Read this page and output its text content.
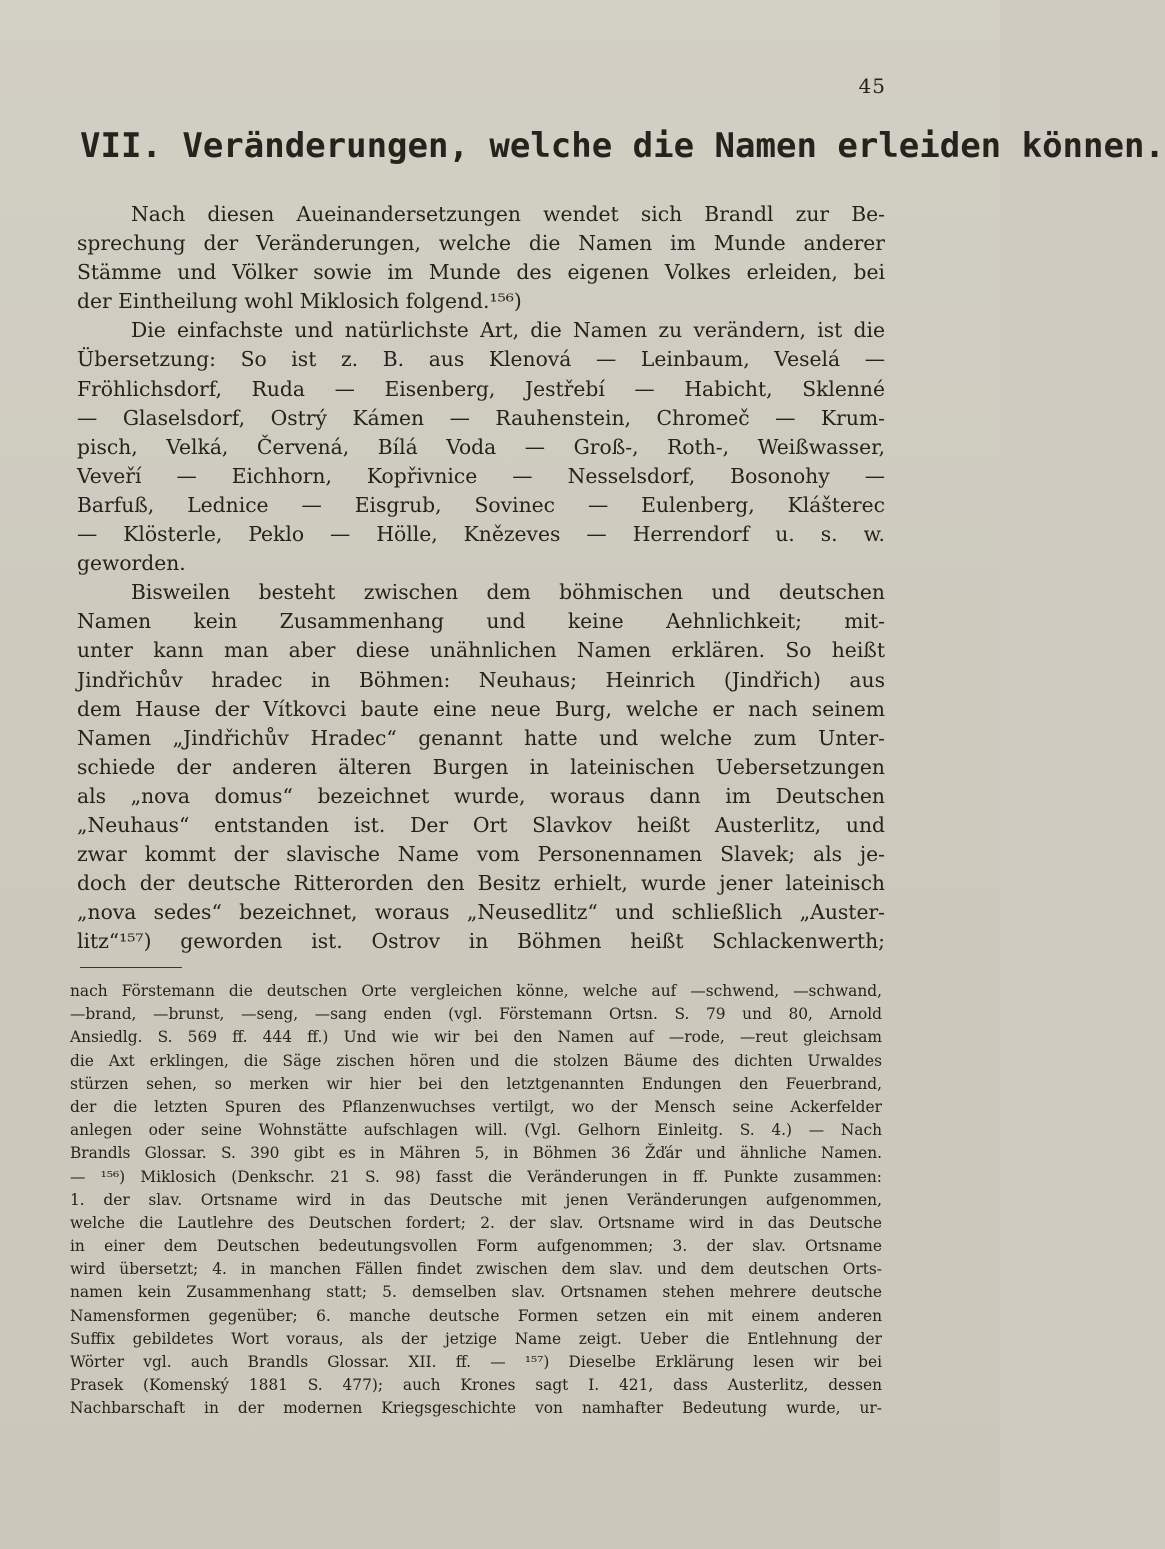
45
VII. Veränderungen, welche die Namen erleiden können.
Nach diesen Aueinandersetzungen wendet sich Brandl zur Be-
sprechung der Veränderungen, welche die Namen im Munde anderer
Stämme und Völker sowie im Munde des eigenen Volkes erleiden, bei
der Eintheilung wohl Miklosich folgend.¹⁵⁶)
Die einfachste und natürlichste Art, die Namen zu verändern, ist die
Übersetzung: So ist z. B. aus Klenová — Leinbaum, Veselá —
Fröhlichsdorf, Ruda — Eisenberg, Jestřebí — Habicht, Sklenné
— Glaselsdorf, Ostrý Kámen — Rauhenstein, Chromeč — Krum-
pisch, Velká, Červená, Bílá Voda — Groß-, Roth-, Weißwasser,
Veveří — Eichhorn, Kopřivnice — Nesselsdorf, Bosonohy —
Barfuß, Lednice — Eisgrub, Sovinec — Eulenberg, Klášterec
— Klösterle, Peklo — Hölle, Knězeves — Herrendorf u. s. w.
geworden.
Bisweilen besteht zwischen dem böhmischen und deutschen
Namen kein Zusammenhang und keine Aehnlichkeit; mit-
unter kann man aber diese unähnlichen Namen erklären. So heißt
Jindřichův hradec in Böhmen: Neuhaus; Heinrich (Jindřich) aus
dem Hause der Vítkovci baute eine neue Burg, welche er nach seinem
Namen „Jindřichův Hradec“ genannt hatte und welche zum Unter-
schiede der anderen älteren Burgen in lateinischen Uebersetzungen
als „nova domus“ bezeichnet wurde, woraus dann im Deutschen
„Neuhaus“ entstanden ist. Der Ort Slavkov heißt Austerlitz, und
zwar kommt der slavische Name vom Personennamen Slavek; als je-
doch der deutsche Ritterorden den Besitz erhielt, wurde jener lateinisch
„nova sedes“ bezeichnet, woraus „Neusedlitz“ und schließlich „Auster-
litz“¹⁵⁷) geworden ist. Ostrov in Böhmen heißt Schlackenwerth;
nach Förstemann die deutschen Orte vergleichen könne, welche auf —schwend, —schwand,
—brand, —brunst, —seng, —sang enden (vgl. Förstemann Ortsn. S. 79 und 80, Arnold
Ansiedlg. S. 569 ff. 444 ff.) Und wie wir bei den Namen auf —rode, —reut gleichsam
die Axt erklingen, die Säge zischen hören und die stolzen Bäume des dichten Urwaldes
stürzen sehen, so merken wir hier bei den letztgenannten Endungen den Feuerbrand,
der die letzten Spuren des Pflanzenwuchses vertilgt, wo der Mensch seine Ackerfelder
anlegen oder seine Wohnstätte aufschlagen will. (Vgl. Gelhorn Einleitg. S. 4.) — Nach
Brandls Glossar. S. 390 gibt es in Mähren 5, in Böhmen 36 Žďár und ähnliche Namen.
— ¹⁵⁶) Miklosich (Denkschr. 21 S. 98) fasst die Veränderungen in ff. Punkte zusammen:
1. der slav. Ortsname wird in das Deutsche mit jenen Veränderungen aufgenommen,
welche die Lautlehre des Deutschen fordert; 2. der slav. Ortsname wird in das Deutsche
in einer dem Deutschen bedeutungsvollen Form aufgenommen; 3. der slav. Ortsname
wird übersetzt; 4. in manchen Fällen findet zwischen dem slav. und dem deutschen Orts-
namen kein Zusammenhang statt; 5. demselben slav. Ortsnamen stehen mehrere deutsche
Namensformen gegenüber; 6. manche deutsche Formen setzen ein mit einem anderen
Suffix gebildetes Wort voraus, als der jetzige Name zeigt. Ueber die Entlehnung der
Wörter vgl. auch Brandls Glossar. XII. ff. — ¹⁵⁷) Dieselbe Erklärung lesen wir bei
Prasek (Komenský 1881 S. 477); auch Krones sagt I. 421, dass Austerlitz, dessen
Nachbarschaft in der modernen Kriegsgeschichte von namhafter Bedeutung wurde, ur-
